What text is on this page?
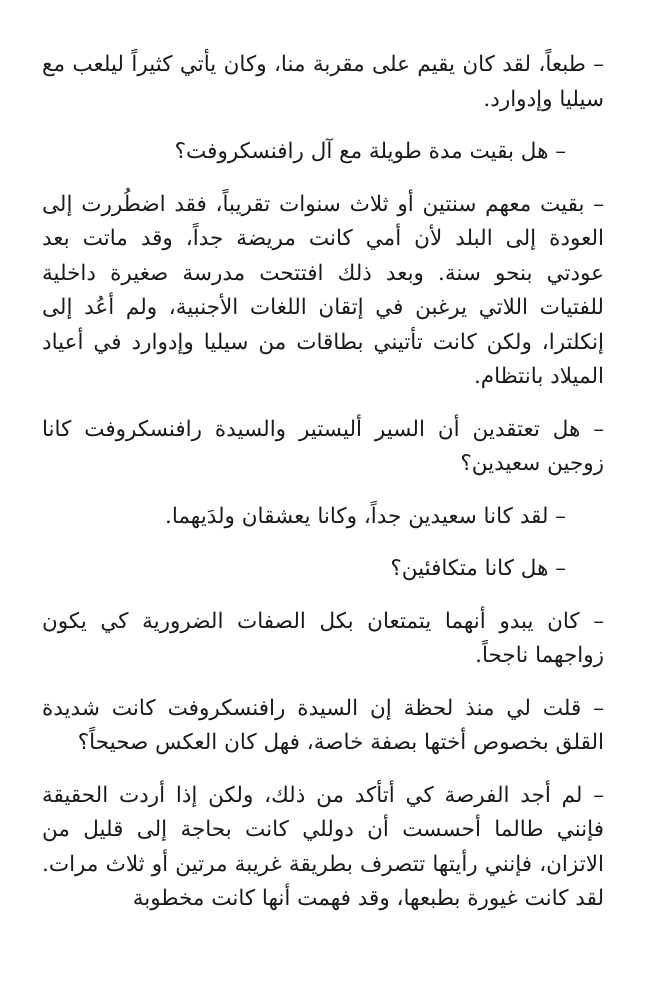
– طبعاً، لقد كان يقيم على مقربة منا، وكان يأتي كثيراً ليلعب مع سيليا وإدوارد.

– هل بقيت مدة طويلة مع آل رافنسكروفت؟

– بقيت معهم سنتين أو ثلاث سنوات تقريباً، فقد اضطُررت إلى العودة إلى البلد لأن أمي كانت مريضة جداً، وقد ماتت بعد عودتي بنحو سنة. وبعد ذلك افتتحت مدرسة صغيرة داخلية للفتيات اللاتي يرغبن في إتقان اللغات الأجنبية، ولم أعُد إلى إنكلترا، ولكن كانت تأتيني بطاقات من سيليا وإدوارد في أعياد الميلاد بانتظام.

– هل تعتقدين أن السير أليستير والسيدة رافنسكروفت كانا زوجين سعيدين؟

– لقد كانا سعيدين جداً، وكانا يعشقان ولدَيهما.

– هل كانا متكافئين؟

– كان يبدو أنهما يتمتعان بكل الصفات الضرورية كي يكون زواجهما ناجحاً.

– قلت لي منذ لحظة إن السيدة رافنسكروفت كانت شديدة القلق بخصوص أختها بصفة خاصة، فهل كان العكس صحيحاً؟

– لم أجد الفرصة كي أتأكد من ذلك، ولكن إذا أردت الحقيقة فإنني طالما أحسست أن دوللي كانت بحاجة إلى قليل من الاتزان، فإنني رأيتها تتصرف بطريقة غريبة مرتين أو ثلاث مرات. لقد كانت غيورة بطبعها، وقد فهمت أنها كانت مخطوبة
